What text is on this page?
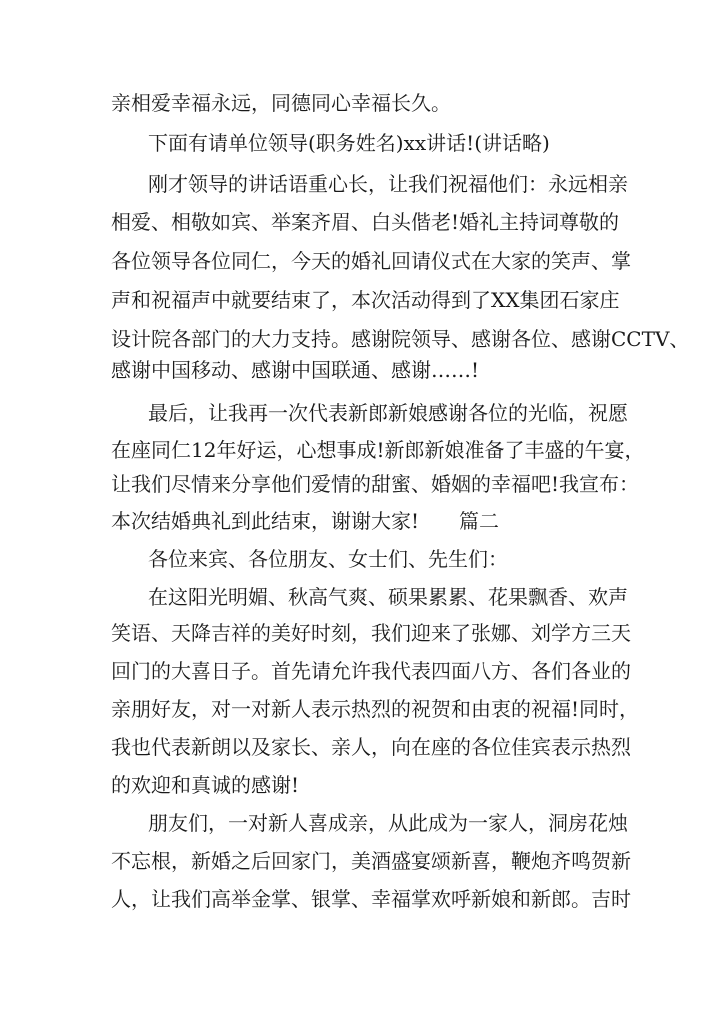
亲相爱幸福永远，同德同心幸福长久。
下面有请单位领导(职务姓名)xx讲话!(讲话略)
刚才领导的讲话语重心长，让我们祝福他们：永远相亲
相爱、相敬如宾、举案齐眉、白头偕老!婚礼主持词尊敬的
各位领导各位同仁，今天的婚礼回请仪式在大家的笑声、掌
声和祝福声中就要结束了，本次活动得到了XX集团石家庄
设计院各部门的大力支持。感谢院领导、感谢各位、感谢CCTV、
感谢中国移动、感谢中国联通、感谢……!
最后，让我再一次代表新郎新娘感谢各位的光临，祝愿
在座同仁12年好运，心想事成!新郎新娘准备了丰盛的午宴，
让我们尽情来分享他们爱情的甜蜜、婚姻的幸福吧!我宣布：
本次结婚典礼到此结束，谢谢大家!　　篇二
各位来宾、各位朋友、女士们、先生们：
在这阳光明媚、秋高气爽、硕果累累、花果飘香、欢声
笑语、天降吉祥的美好时刻，我们迎来了张娜、刘学方三天
回门的大喜日子。首先请允许我代表四面八方、各们各业的
亲朋好友，对一对新人表示热烈的祝贺和由衷的祝福!同时，
我也代表新朗以及家长、亲人，向在座的各位佳宾表示热烈
的欢迎和真诚的感谢!
朋友们，一对新人喜成亲，从此成为一家人，洞房花烛
不忘根，新婚之后回家门，美酒盛宴颂新喜，鞭炮齐鸣贺新
人，让我们高举金掌、银掌、幸福掌欢呼新娘和新郎。吉时
